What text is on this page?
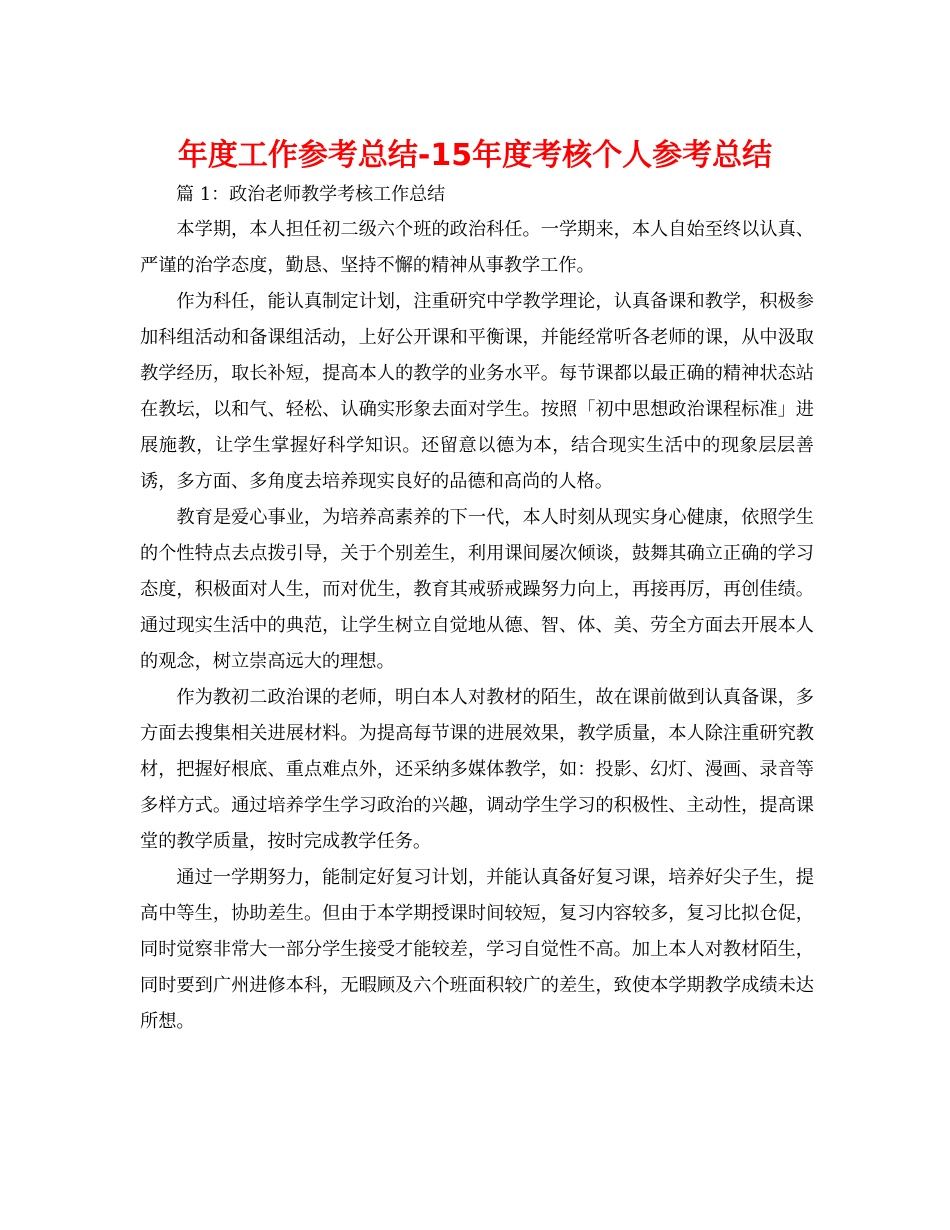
年度工作参考总结-15年度考核个人参考总结
篇 1：政治老师教学考核工作总结

本学期，本人担任初二级六个班的政治科任。一学期来，本人自始至终以认真、严谨的治学态度，勤恳、坚持不懈的精神从事教学工作。

作为科任，能认真制定计划，注重研究中学教学理论，认真备课和教学，积极参加科组活动和备课组活动，上好公开课和平衡课，并能经常听各老师的课，从中汲取教学经历，取长补短，提高本人的教学的业务水平。每节课都以最正确的精神状态站在教坛，以和气、轻松、认确实形象去面对学生。按照「初中思想政治课程标准」进展施教，让学生掌握好科学知识。还留意以德为本，结合现实生活中的现象层层善诱，多方面、多角度去培养现实良好的品德和高尚的人格。

教育是爱心事业，为培养高素养的下一代，本人时刻从现实身心健康，依照学生的个性特点去点拨引导，关于个别差生，利用课间屡次倾谈，鼓舞其确立正确的学习态度，积极面对人生，而对优生，教育其戒骄戒躁努力向上，再接再厉，再创佳绩。通过现实生活中的典范，让学生树立自觉地从德、智、体、美、劳全方面去开展本人的观念，树立崇高远大的理想。

作为教初二政治课的老师，明白本人对教材的陌生，故在课前做到认真备课，多方面去搜集相关进展材料。为提高每节课的进展效果，教学质量，本人除注重研究教材，把握好根底、重点难点外，还采纳多媒体教学，如：投影、幻灯、漫画、录音等多样方式。通过培养学生学习政治的兴趣，调动学生学习的积极性、主动性，提高课堂的教学质量，按时完成教学任务。

通过一学期努力，能制定好复习计划，并能认真备好复习课，培养好尖子生，提高中等生，协助差生。但由于本学期授课时间较短，复习内容较多，复习比拟仓促，同时觉察非常大一部分学生接受才能较差，学习自觉性不高。加上本人对教材陌生，同时要到广州进修本科，无暇顾及六个班面积较广的差生，致使本学期教学成绩未达所想。
